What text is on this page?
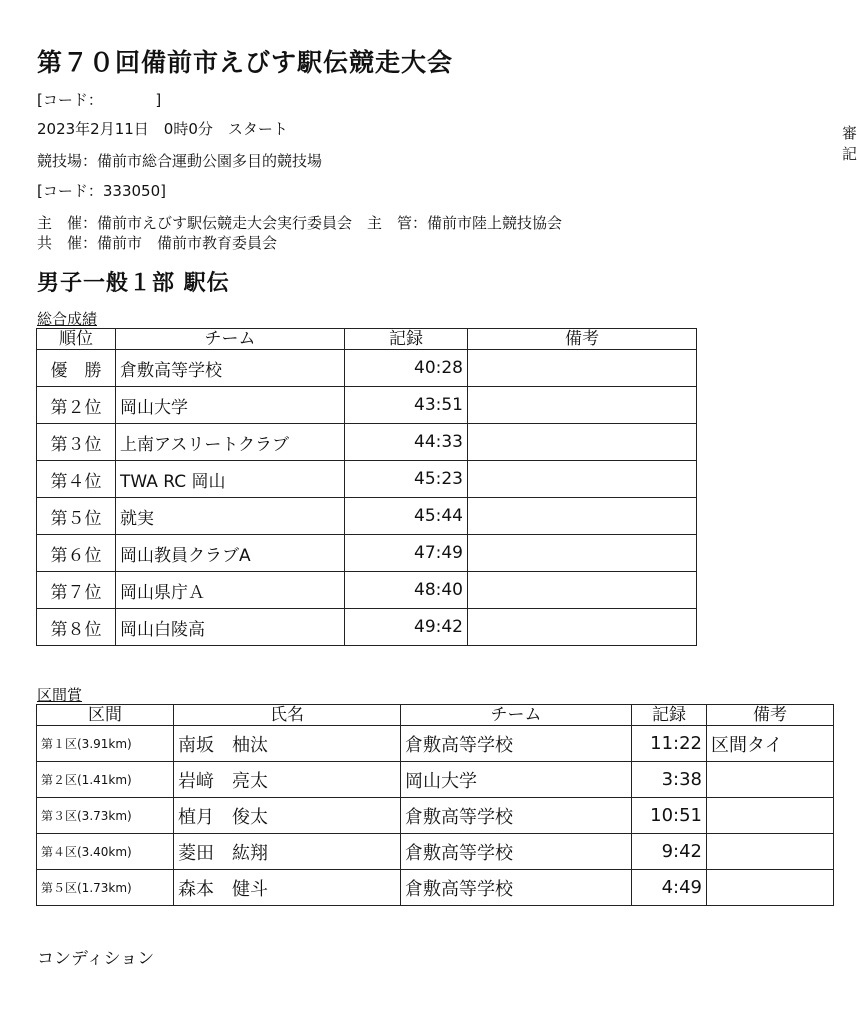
第７０回備前市えびす駅伝競走大会
[コード：　　　　]
2023年2月11日　0時0分　スタート
競技場：備前市総合運動公園多目的競技場
[コード：333050]
主　催：備前市えびす駅伝競走大会実行委員会　主　管：備前市陸上競技協会
共　催：備前市　備前市教育委員会
審
記
男子一般１部 駅伝
総合成績
順位	チーム	記録	備考
優　勝	倉敷高等学校	40:28	
第２位	岡山大学	43:51	
第３位	上南アスリートクラブ	44:33	
第４位	TWA RC 岡山	45:23	
第５位	就実	45:44	
第６位	岡山教員クラブA	47:49	
第７位	岡山県庁Ａ	48:40	
第８位	岡山白陵高	49:42	
区間賞
区間	氏名	チーム	記録	備考
第１区(3.91km)	南坂　柚汰	倉敷高等学校	11:22	区間タイ
第２区(1.41km)	岩﨑　亮太	岡山大学	3:38	
第３区(3.73km)	植月　俊太	倉敷高等学校	10:51	
第４区(3.40km)	菱田　紘翔	倉敷高等学校	9:42	
第５区(1.73km)	森本　健斗	倉敷高等学校	4:49	
コンディション
